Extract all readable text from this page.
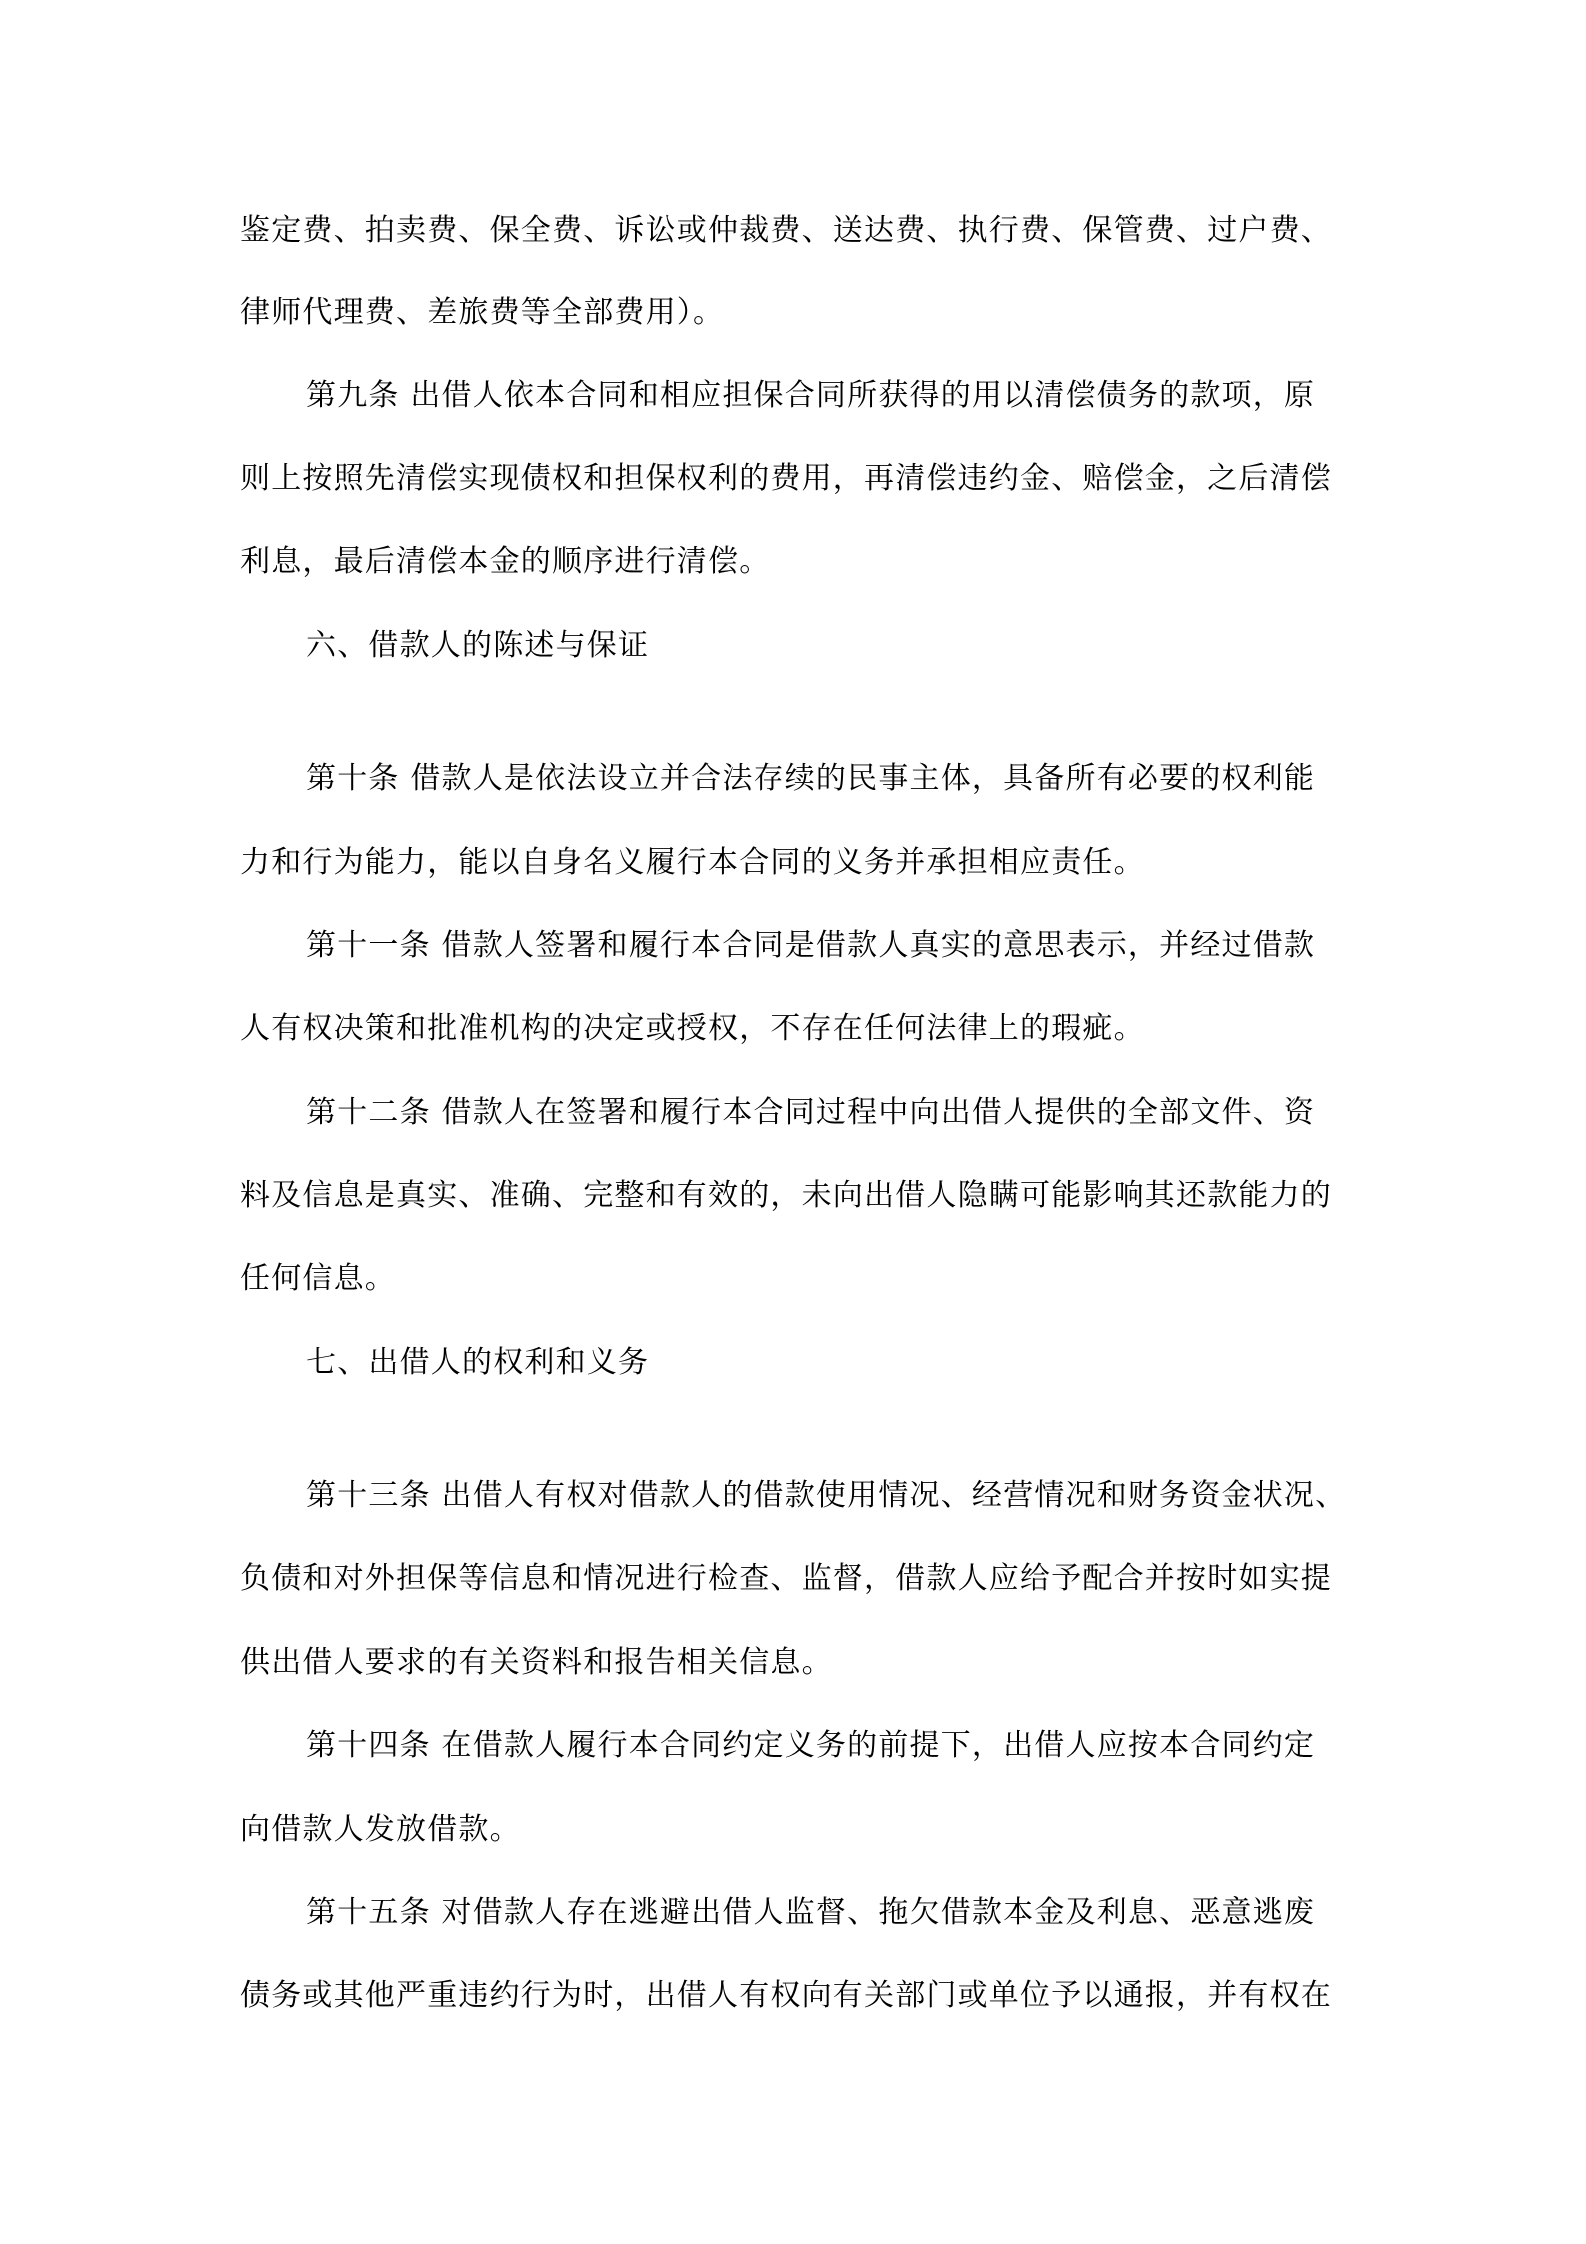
鉴定费、拍卖费、保全费、诉讼或仲裁费、送达费、执行费、保管费、过户费、

律师代理费、差旅费等全部费用）。

第九条 出借人依本合同和相应担保合同所获得的用以清偿债务的款项，原

则上按照先清偿实现债权和担保权利的费用，再清偿违约金、赔偿金，之后清偿

利息，最后清偿本金的顺序进行清偿。

六、借款人的陈述与保证

第十条 借款人是依法设立并合法存续的民事主体，具备所有必要的权利能

力和行为能力，能以自身名义履行本合同的义务并承担相应责任。

第十一条 借款人签署和履行本合同是借款人真实的意思表示，并经过借款

人有权决策和批准机构的决定或授权，不存在任何法律上的瑕疵。

第十二条 借款人在签署和履行本合同过程中向出借人提供的全部文件、资

料及信息是真实、准确、完整和有效的，未向出借人隐瞒可能影响其还款能力的

任何信息。

七、出借人的权利和义务

第十三条 出借人有权对借款人的借款使用情况、经营情况和财务资金状况、

负债和对外担保等信息和情况进行检查、监督，借款人应给予配合并按时如实提

供出借人要求的有关资料和报告相关信息。

第十四条 在借款人履行本合同约定义务的前提下，出借人应按本合同约定

向借款人发放借款。

第十五条 对借款人存在逃避出借人监督、拖欠借款本金及利息、恶意逃废

债务或其他严重违约行为时，出借人有权向有关部门或单位予以通报，并有权在
